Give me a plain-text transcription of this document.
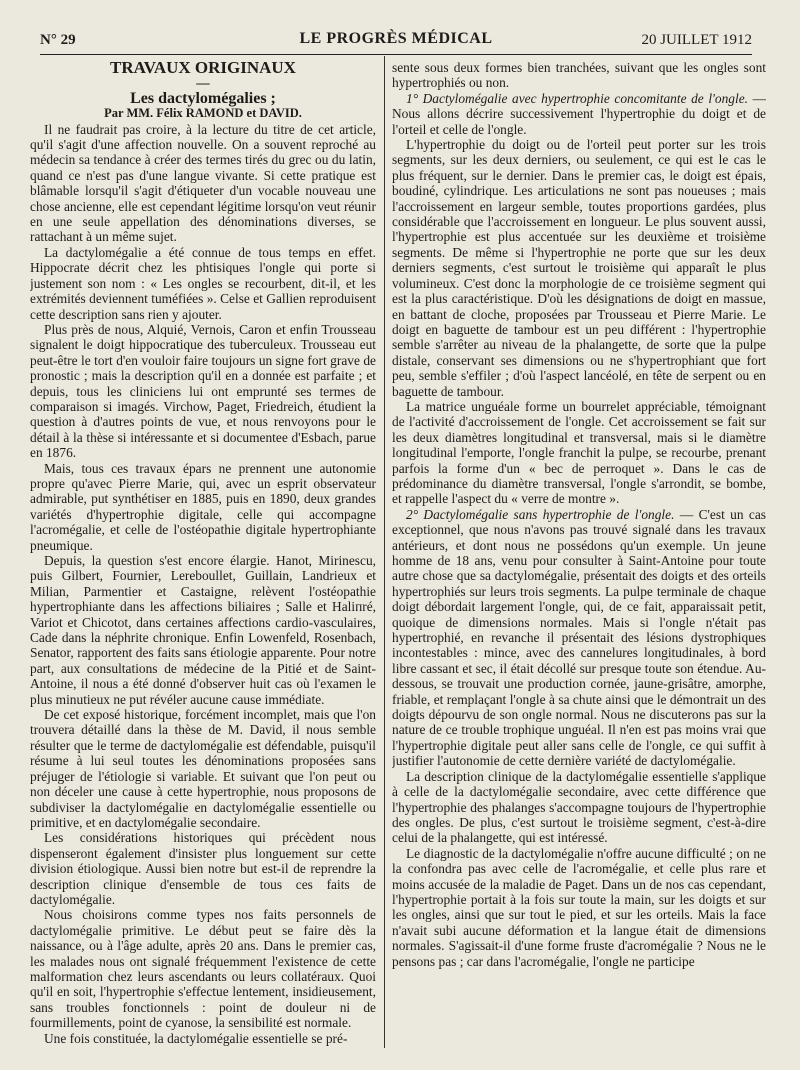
N° 29	LE PROGRÈS MÉDICAL	20 JUILLET 1912

TRAVAUX ORIGINAUX

—

Les dactylomégalies ;

Par MM. Félix RAMOND et DAVID.

Il ne faudrait pas croire, à la lecture du titre de cet article, qu'il s'agit d'une affection nouvelle. On a souvent reproché au médecin sa tendance à créer des termes tirés du grec ou du latin, quand ce n'est pas d'une langue vivante. Si cette pratique est blâmable lorsqu'il s'agit d'étiqueter d'un vocable nouveau une chose ancienne, elle est cependant légitime lorsqu'on veut réunir en une seule appellation des dénominations diverses, se rattachant à un même sujet.

La dactylomégalie a été connue de tous temps en effet. Hippocrate décrit chez les phtisiques l'ongle qui porte si justement son nom : « Les ongles se recourbent, dit-il, et les extrémités deviennent tuméfiées ». Celse et Gallien reproduisent cette description sans rien y ajouter.

Plus près de nous, Alquié, Vernois, Caron et enfin Trousseau signalent le doigt hippocratique des tuberculeux. Trousseau eut peut-être le tort d'en vouloir faire toujours un signe fort grave de pronostic ; mais la description qu'il en a donnée est parfaite ; et depuis, tous les cliniciens lui ont emprunté ses termes de comparaison si imagés. Virchow, Paget, Friedreich, étudient la question à d'autres points de vue, et nous renvoyons pour le détail à la thèse si intéressante et si documentee d'Esbach, parue en 1876.

Mais, tous ces travaux épars ne prennent une autonomie propre qu'avec Pierre Marie, qui, avec un esprit observateur admirable, put synthétiser en 1885, puis en 1890, deux grandes variétés d'hypertrophie digitale, celle qui accompagne l'acromégalie, et celle de l'ostéopathie digitale hypertrophiante pneumique.

Depuis, la question s'est encore élargie. Hanot, Mirinescu, puis Gilbert, Fournier, Lereboullet, Guillain, Landrieux et Milian, Parmentier et Castaigne, relèvent l'ostéopathie hypertrophiante dans les affections biliaires ; Salle et Haliпré, Variot et Chicotot, dans certaines affections cardio-vasculaires, Cade dans la néphrite chronique. Enfin Lowenfeld, Rosenbach, Senator, rapportent des faits sans étiologie apparente. Pour notre part, aux consultations de médecine de la Pitié et de Saint-Antoine, il nous a été donné d'observer huit cas où l'examen le plus minutieux ne put révéler aucune cause immédiate.

De cet exposé historique, forcément incomplet, mais que l'on trouvera détaillé dans la thèse de M. David, il nous semble résulter que le terme de dactylomégalie est défendable, puisqu'il résume à lui seul toutes les dénominations proposées sans préjuger de l'étiologie si variable. Et suivant que l'on peut ou non déceler une cause à cette hypertrophie, nous proposons de subdiviser la dactylomégalie en dactylomégalie essentielle ou primitive, et en dactylomégalie secondaire.

Les considérations historiques qui précèdent nous dispenseront également d'insister plus longuement sur cette division étiologique. Aussi bien notre but est-il de reprendre la description clinique d'ensemble de tous ces faits de dactylomégalie.

Nous choisirons comme types nos faits personnels de dactylomégalie primitive. Le début peut se faire dès la naissance, ou à l'âge adulte, après 20 ans. Dans le premier cas, les malades nous ont signalé fréquemment l'existence de cette malformation chez leurs ascendants ou leurs collatéraux. Quoi qu'il en soit, l'hypertrophie s'effectue lentement, insidieusement, sans troubles fonctionnels : point de douleur ni de fourmillements, point de cyanose, la sensibilité est normale.

Une fois constituée, la dactylomégalie essentielle se pré-

sente sous deux formes bien tranchées, suivant que les ongles sont hypertrophiés ou non.

1° Dactylomégalie avec hypertrophie concomitante de l'ongle. — Nous allons décrire successivement l'hypertrophie du doigt et de l'orteil et celle de l'ongle.

L'hypertrophie du doigt ou de l'orteil peut porter sur les trois segments, sur les deux derniers, ou seulement, ce qui est le cas le plus fréquent, sur le dernier. Dans le premier cas, le doigt est épais, boudiné, cylindrique. Les articulations ne sont pas noueuses ; mais l'accroissement en largeur semble, toutes proportions gardées, plus considérable que l'accroissement en longueur. Le plus souvent aussi, l'hypertrophie est plus accentuée sur les deuxième et troisième segments. De même si l'hypertrophie ne porte que sur les deux derniers segments, c'est surtout le troisième qui apparaît le plus volumineux. C'est donc la morphologie de ce troisième segment qui est la plus caractéristique. D'où les désignations de doigt en massue, en battant de cloche, proposées par Trousseau et Pierre Marie. Le doigt en baguette de tambour est un peu différent : l'hypertrophie semble s'arrêter au niveau de la phalangette, de sorte que la pulpe distale, conservant ses dimensions ou ne s'hypertrophiant que fort peu, semble s'effiler ; d'où l'aspect lancéolé, en tête de serpent ou en baguette de tambour.

La matrice unguéale forme un bourrelet appréciable, témoignant de l'activité d'accroissement de l'ongle. Cet accroissement se fait sur les deux diamètres longitudinal et transversal, mais si le diamètre longitudinal l'emporte, l'ongle franchit la pulpe, se recourbe, prenant parfois la forme d'un « bec de perroquet ». Dans le cas de prédominance du diamètre transversal, l'ongle s'arrondit, se bombe, et rappelle l'aspect du « verre de montre ».

2° Dactylomégalie sans hypertrophie de l'ongle. — C'est un cas exceptionnel, que nous n'avons pas trouvé signalé dans les travaux antérieurs, et dont nous ne possédons qu'un exemple. Un jeune homme de 18 ans, venu pour consulter à Saint-Antoine pour toute autre chose que sa dactylomégalie, présentait des doigts et des orteils hypertrophiés sur leurs trois segments. La pulpe terminale de chaque doigt débordait largement l'ongle, qui, de ce fait, apparaissait petit, quoique de dimensions normales. Mais si l'ongle n'était pas hypertrophié, en revanche il présentait des lésions dystrophiques incontestables : mince, avec des cannelures longitudinales, à bord libre cassant et sec, il était décollé sur presque toute son étendue. Au-dessous, se trouvait une production cornée, jaune-grisâtre, amorphe, friable, et remplaçant l'ongle à sa chute ainsi que le démontrait un des doigts dépourvu de son ongle normal. Nous ne discuterons pas sur la nature de ce trouble trophique unguéal. Il n'en est pas moins vrai que l'hypertrophie digitale peut aller sans celle de l'ongle, ce qui suffit à justifier l'autonomie de cette dernière variété de dactylomégalie.

La description clinique de la dactylomégalie essentielle s'applique à celle de la dactylomégalie secondaire, avec cette différence que l'hypertrophie des phalanges s'accompagne toujours de l'hypertrophie des ongles. De plus, c'est surtout le troisième segment, c'est-à-dire celui de la phalangette, qui est intéressé.

Le diagnostic de la dactylomégalie n'offre aucune difficulté ; on ne la confondra pas avec celle de l'acromégalie, et celle plus rare et moins accusée de la maladie de Paget. Dans un de nos cas cependant, l'hypertrophie portait à la fois sur toute la main, sur les doigts et sur les ongles, ainsi que sur tout le pied, et sur les orteils. Mais la face n'avait subi aucune déformation et la langue était de dimensions normales. S'agissait-il d'une forme fruste d'acromégalie ? Nous ne le pensons pas ; car dans l'acromégalie, l'ongle ne participe
